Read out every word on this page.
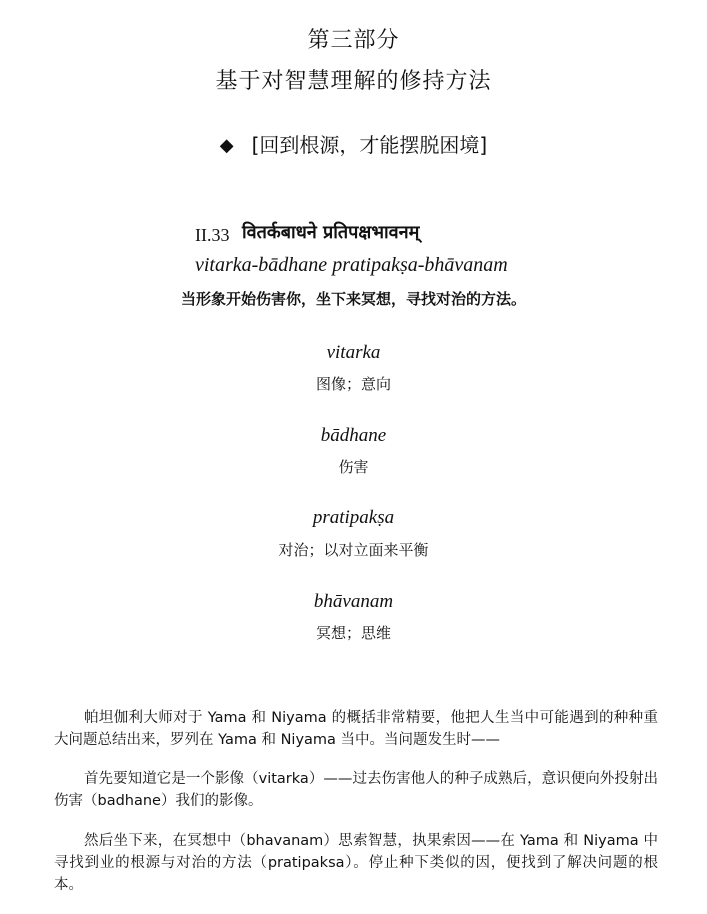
第三部分
基于对智慧理解的修持方法
◆ [回到根源，才能摆脱困境]
II.33 वितर्कबाधने प्रतिपक्षभावनम्
vitarka-bādhane pratipakṣa-bhāvanam
当形象开始伤害你，坐下来冥想，寻找对治的方法。
vitarka
图像；意向
bādhane
伤害
pratipakṣa
对治；以对立面来平衡
bhāvanam
冥想；思维

帕坦伽利大师对于 Yama 和 Niyama 的概括非常精要，他把人生当中可能遇到的种种重大问题总结出来，罗列在 Yama 和 Niyama 当中。当问题发生时——

首先要知道它是一个影像（vitarka）——过去伤害他人的种子成熟后，意识便向外投射出伤害（badhane）我们的影像。

然后坐下来，在冥想中（bhavanam）思索智慧，执果索因——在 Yama 和 Niyama 中寻找到业的根源与对治的方法（pratipaksa）。停止种下类似的因，便找到了解决问题的根本。
